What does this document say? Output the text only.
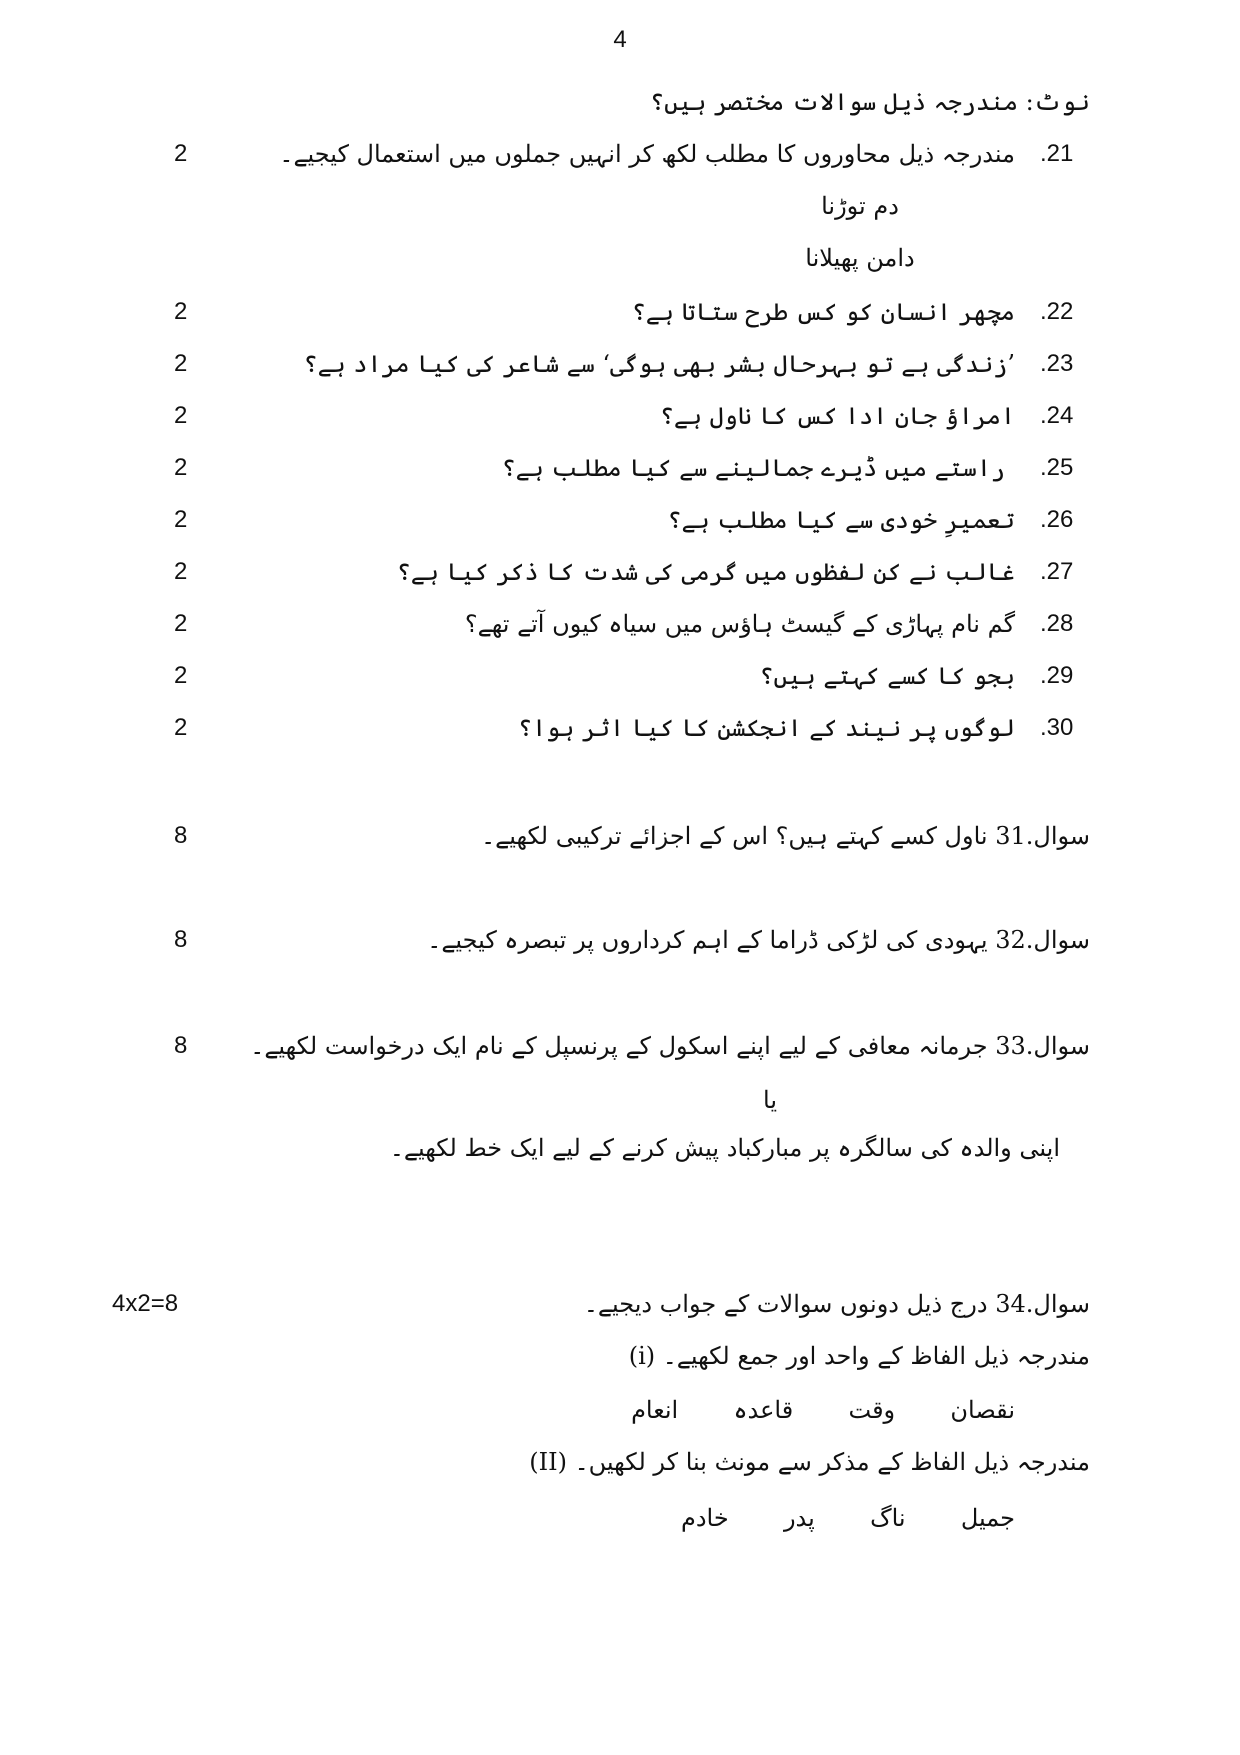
4
نوٹ: مندرجہ ذیل سوالات مختصر ہیں؟
.21
مندرجہ ذیل محاوروں کا مطلب لکھ کر انہیں جملوں میں استعمال کیجیے۔
2
دم توڑنا
دامن پھیلانا
.22
مچھر انسان کو کس طرح ستاتا ہے؟
2
.23
’زندگی ہے تو بہرحال بشر بھی ہوگی‘ سے شاعر کی کیا مراد ہے؟
2
.24
امراؤ جان ادا کس کا ناول ہے؟
2
.25
راستے میں ڈیرے جمالینے سے کیا مطلب ہے؟
2
.26
تعمیرِ خودی سے کیا مطلب ہے؟
2
.27
غالب نے کن لفظوں میں گرمی کی شدت کا ذکر کیا ہے؟
2
.28
گم نام پہاڑی کے گیسٹ ہاؤس میں سیاہ کیوں آتے تھے؟
2
.29
بجو کا کسے کہتے ہیں؟
2
.30
لوگوں پر نیند کے انجکشن کا کیا اثر ہوا؟
2
سوال.31 ناول کسے کہتے ہیں؟ اس کے اجزائے ترکیبی لکھیے۔
8
سوال.32 یہودی کی لڑکی ڈراما کے اہم کرداروں پر تبصرہ کیجیے۔
8
سوال.33 جرمانہ معافی کے لیے اپنے اسکول کے پرنسپل کے نام ایک درخواست لکھیے۔
8
یا
اپنی والدہ کی سالگرہ پر مبارکباد پیش کرنے کے لیے ایک خط لکھیے۔
سوال.34 درج ذیل دونوں سوالات کے جواب دیجیے۔
4x2=8
(i) مندرجہ ذیل الفاظ کے واحد اور جمع لکھیے۔
نقصان  وقت  قاعدہ  انعام
(II) مندرجہ ذیل الفاظ کے مذکر سے مونث بنا کر لکھیں۔
جمیل  ناگ  پدر  خادم
